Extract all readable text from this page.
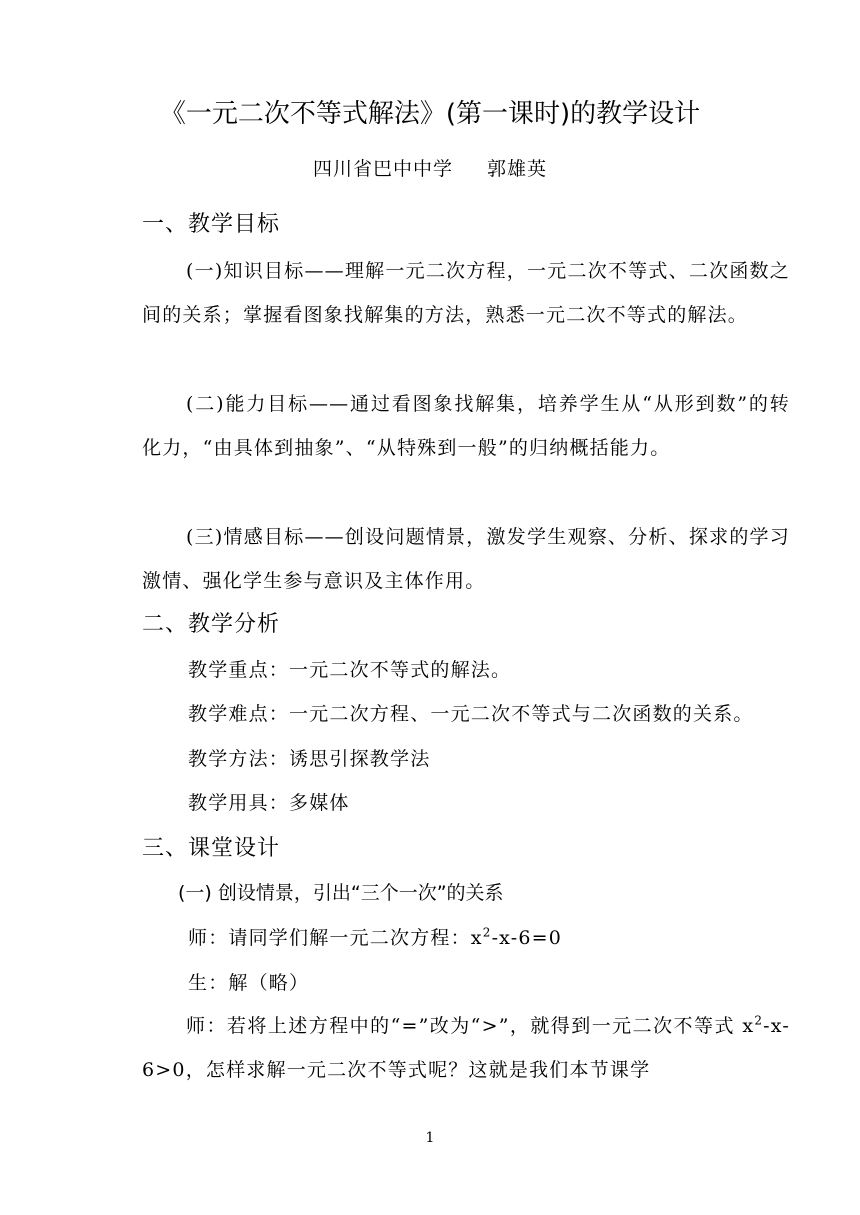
《一元二次不等式解法》(第一课时)的教学设计
四川省巴中中学 郭雄英
一、教学目标
(一)知识目标——理解一元二次方程，一元二次不等式、二次函数之间的关系；掌握看图象找解集的方法，熟悉一元二次不等式的解法。
(二)能力目标——通过看图象找解集，培养学生从“从形到数”的转化力，“由具体到抽象”、“从特殊到一般”的归纳概括能力。
(三)情感目标——创设问题情景，激发学生观察、分析、探求的学习激情、强化学生参与意识及主体作用。
二、教学分析
教学重点：一元二次不等式的解法。
教学难点：一元二次方程、一元二次不等式与二次函数的关系。
教学方法：诱思引探教学法
教学用具：多媒体
三、课堂设计
(一) 创设情景，引出“三个一次”的关系
师：请同学们解一元二次方程：$x^2-x-6=0$
生：解（略）
师：若将上述方程中的“=”改为“>”，就得到一元二次不等式 $x^2-x-6>0$，怎样求解一元二次不等式呢？这就是我们本节课学
1
